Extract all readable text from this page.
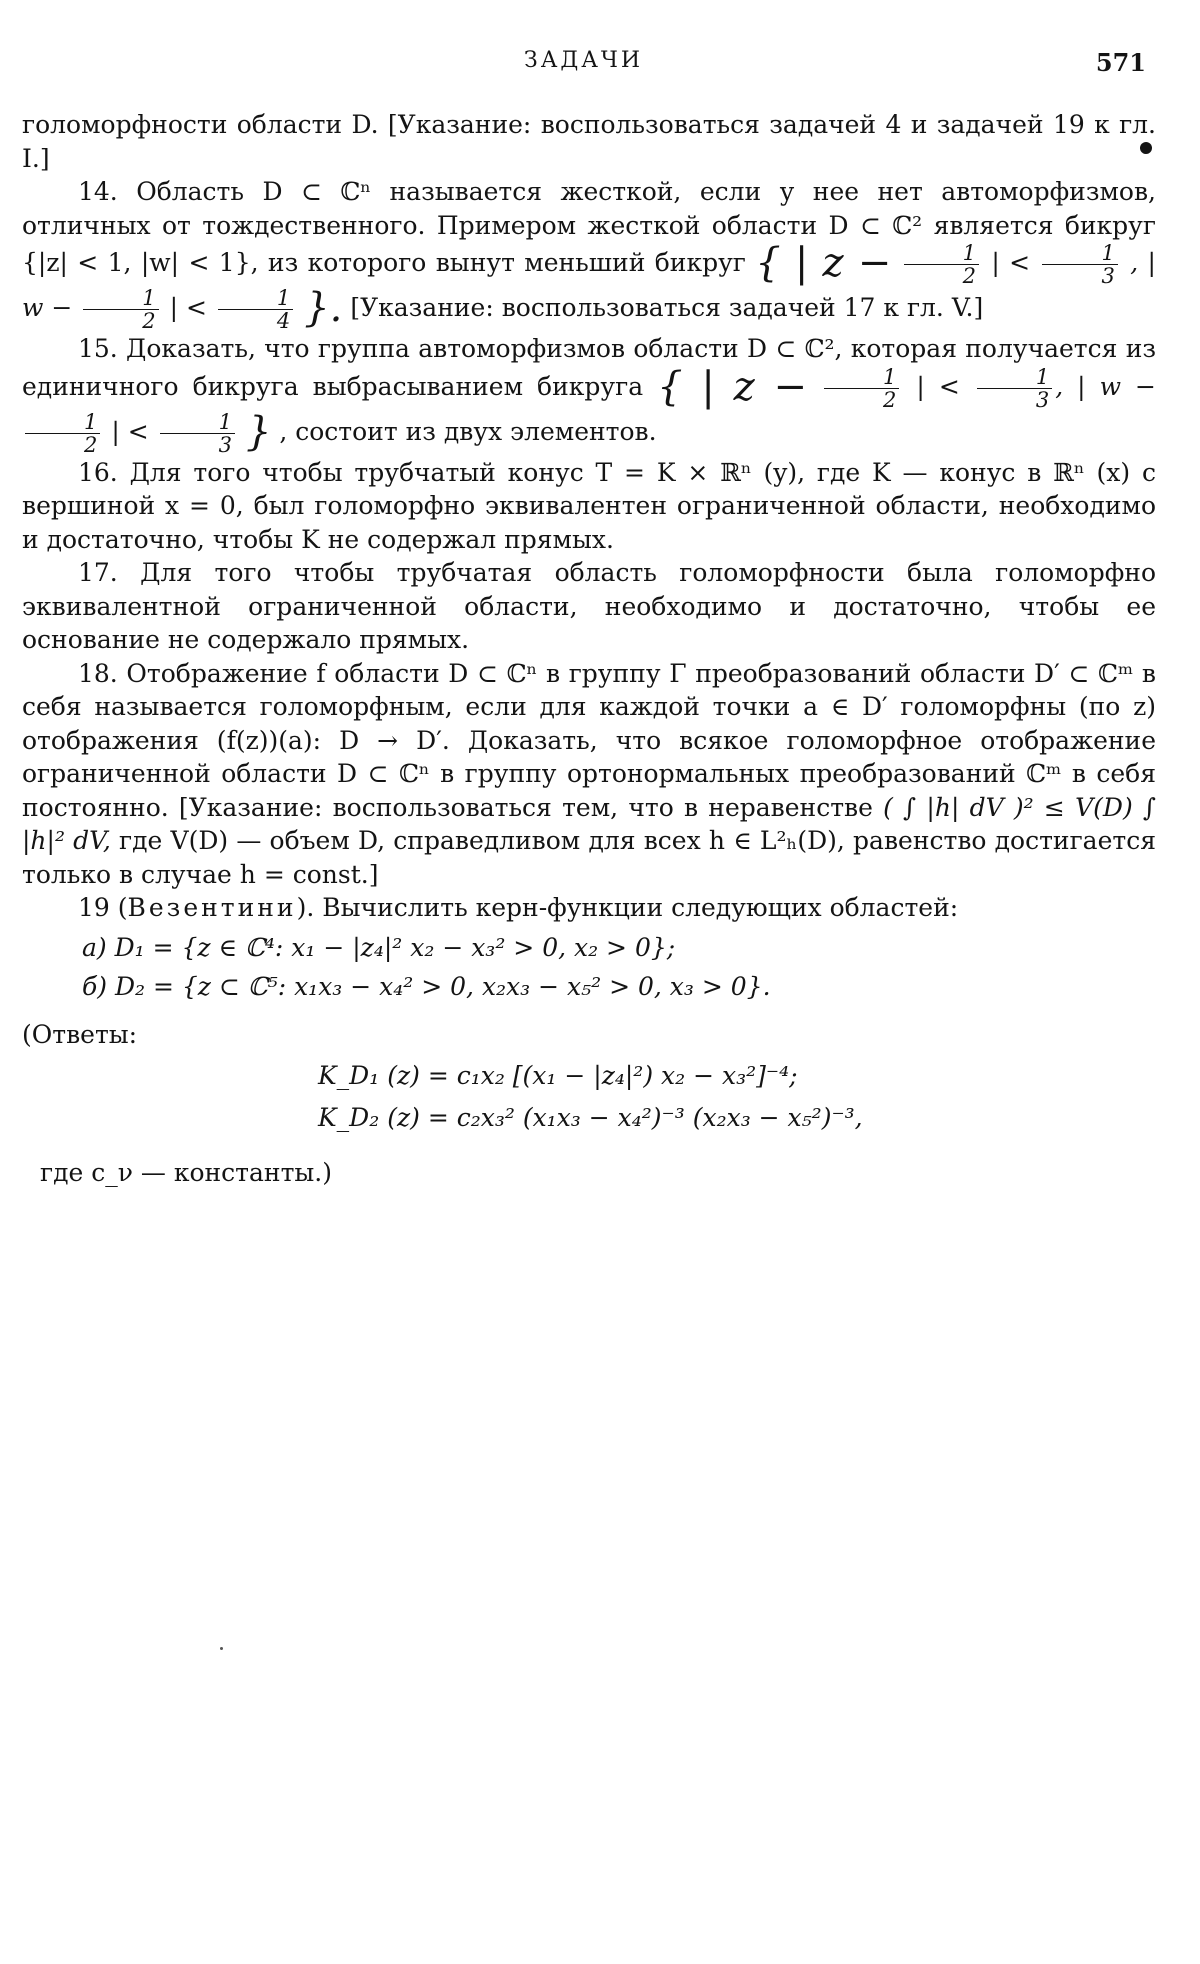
ЗАДАЧИ	571

голоморфности области D. [Указание: воспользоваться задачей 4 и задачей 19 к гл. I.]

14. Область D ⊂ ℂⁿ называется жесткой, если у нее нет автоморфизмов, отличных от тождественного. Примером жесткой области D ⊂ ℂ² является бикруг {|z| < 1, |w| < 1}, из которого вынут меньший бикруг { | $z - \frac{1}{2}$ | < $\frac{1}{3}$ , | $w - \frac{1}{2}$ | < $\frac{1}{4}$ }. [Указание: воспользоваться задачей 17 к гл. V.]

15. Доказать, что группа автоморфизмов области D ⊂ ℂ², которая получается из единичного бикруга выбрасыванием бикруга { | $z - \frac{1}{2}$ | < $\frac{1}{3}$ , | w −
$\frac{1}{2}$ | < $\frac{1}{3}$ } , состоит из двух элементов.

16. Для того чтобы трубчатый конус T = K × ℝⁿ (y), где K — конус в ℝⁿ (x) с вершиной x = 0, был голоморфно эквивалентен ограниченной области, необходимо и достаточно, чтобы K не содержал прямых.

17. Для того чтобы трубчатая область голоморфности была голоморфно эквивалентной ограниченной области, необходимо и достаточно, чтобы ее основание не содержало прямых.

18. Отображение f области D ⊂ ℂⁿ в группу Γ преобразований области D′ ⊂ ℂᵐ в себя называется голоморфным, если для каждой точки a ∈ D′ голоморфны (по z) отображения (f(z))(a): D → D′. Доказать, что всякое голоморфное отображение ограниченной области D ⊂ ℂⁿ в группу ортонормальных преобразований ℂᵐ в себя постоянно. [Указание: воспользоваться тем, что в неравенстве ( ∫ |h| dV )² ≤ V(D) ∫ |h|² dV, где V(D) — объем D, справедливом для всех h ∈ L²ₕ(D), равенство достигается только в случае h = const.]

19 (Везентини). Вычислить керн-функции следующих областей:

а) D₁ = {z ∈ ℂ⁴: x₁ − |z₄|² x₂ − x₃² > 0, x₂ > 0};

б) D₂ = {z ⊂ ℂ⁵: x₁x₃ − x₄² > 0, x₂x₃ − x₅² > 0, x₃ > 0}.

(Ответы:

K_D₁ (z) = c₁x₂ [(x₁ − |z₄|²) x₂ − x₃²]⁻⁴;

K_D₂ (z) = c₂x₃² (x₁x₃ − x₄²)⁻³ (x₂x₃ − x₅²)⁻³,

где c_ν — константы.)
